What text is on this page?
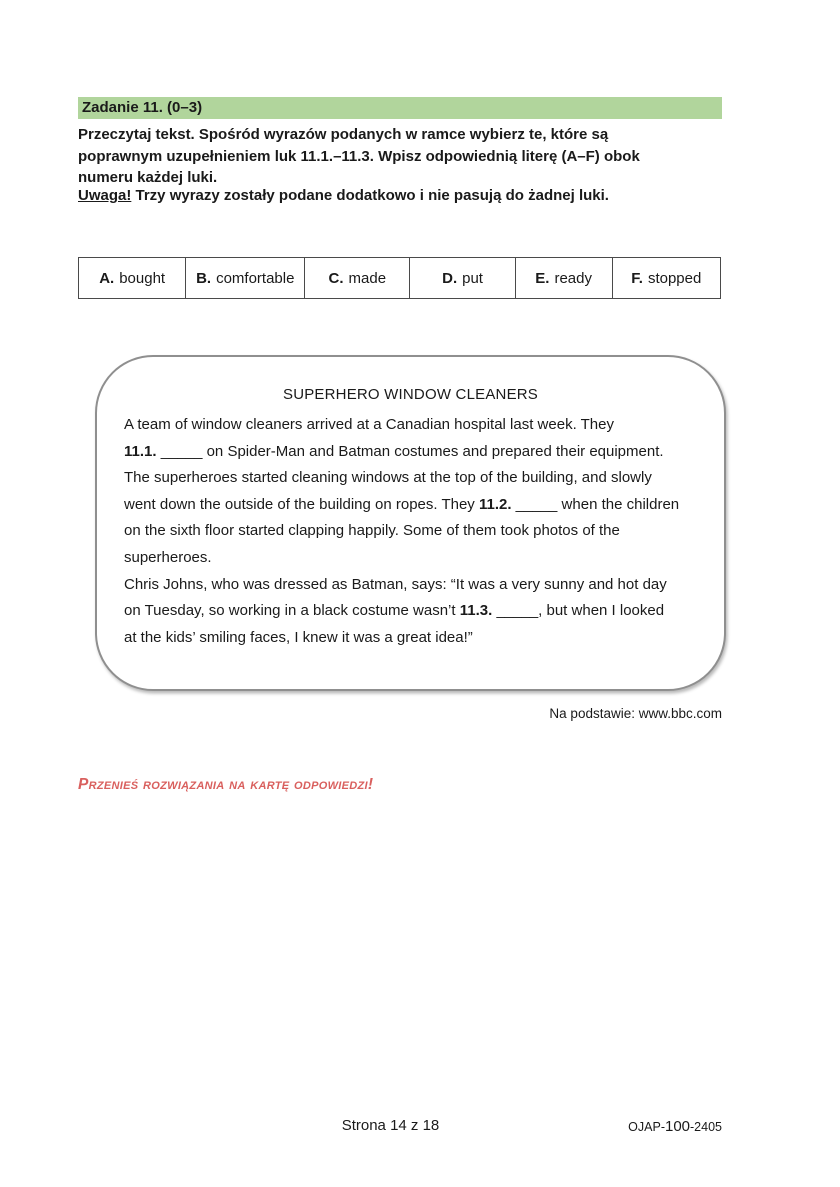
Zadanie 11. (0–3)
Przeczytaj tekst. Spośród wyrazów podanych w ramce wybierz te, które są
poprawnym uzupełnieniem luk 11.1.–11.3. Wpisz odpowiednią literę (A–F) obok
numeru każdej luki.
Uwaga! Trzy wyrazy zostały podane dodatkowo i nie pasują do żadnej luki.
A. bought B. comfortable C. made	D. put	E. ready	F. stopped
SUPERHERO WINDOW CLEANERS
A team of window cleaners arrived at a Canadian hospital last week. They
11.1. _____ on Spider-Man and Batman costumes and prepared their equipment.
The superheroes started cleaning windows at the top of the building, and slowly
went down the outside of the building on ropes. They 11.2. _____ when the children
on the sixth floor started clapping happily. Some of them took photos of the
superheroes.
Chris Johns, who was dressed as Batman, says: “It was a very sunny and hot day
on Tuesday, so working in a black costume wasn’t 11.3. _____, but when I looked
at the kids’ smiling faces, I knew it was a great idea!”
Na podstawie: www.bbc.com
Przenieś rozwiązania na kartę odpowiedzi!
Strona 14 z 18	OJAP-100-2405
